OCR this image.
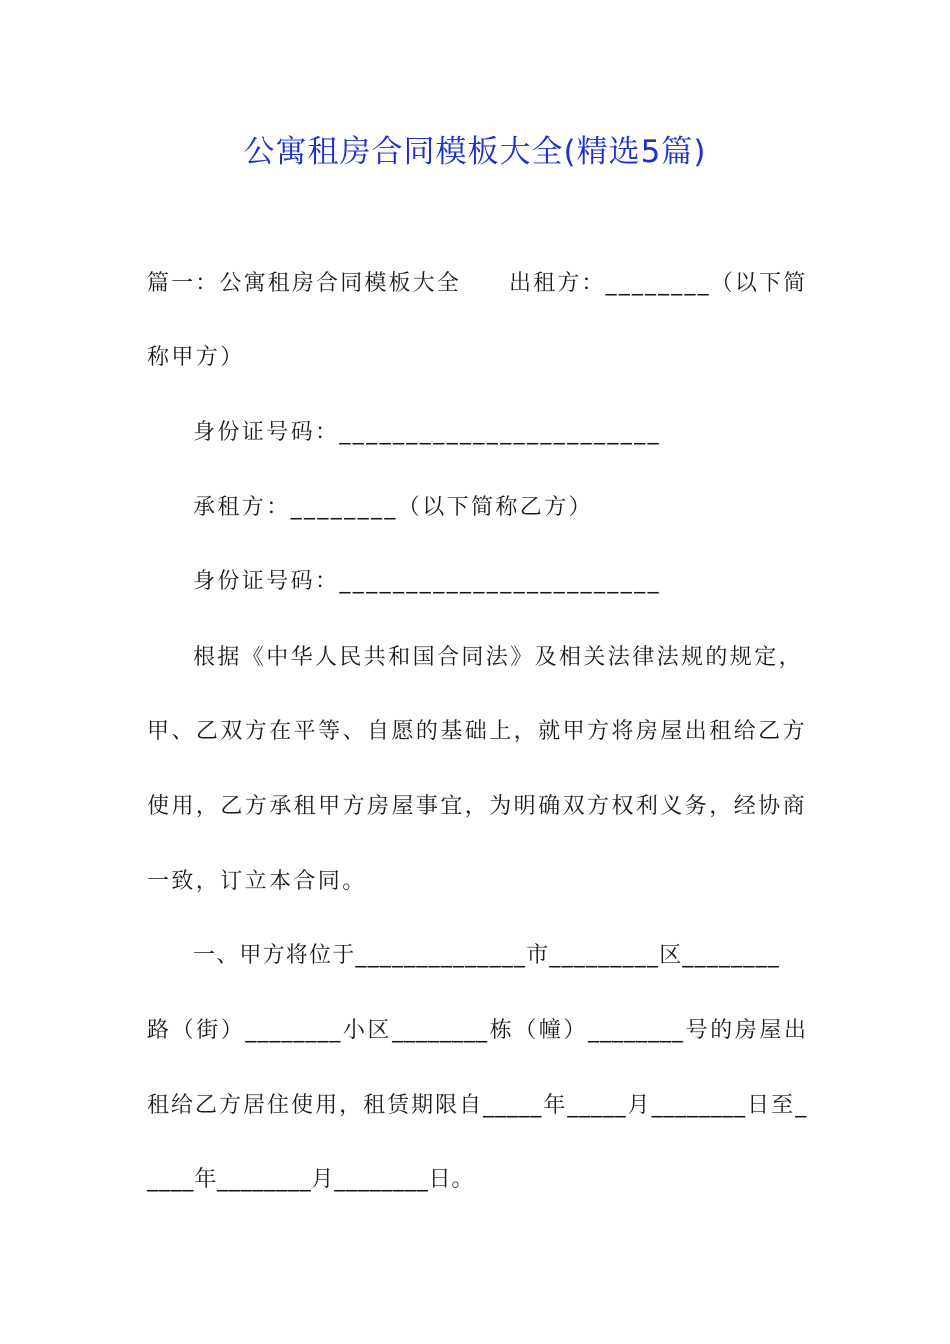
公寓租房合同模板大全(精选5篇)
篇一：公寓租房合同模板大全 出租方：________（以下简
称甲方）
身份证号码：________________________
承租方：________（以下简称乙方）
身份证号码：________________________
根据《中华人民共和国合同法》及相关法律法规的规定，
甲、乙双方在平等、自愿的基础上，就甲方将房屋出租给乙方
使用，乙方承租甲方房屋事宜，为明确双方权利义务，经协商
一致，订立本合同。
一、甲方将位于______________市_________区________
路（街）________小区________栋（幢）________号的房屋出
租给乙方居住使用，租赁期限自_____年_____月________日至_
____年________月________日。
